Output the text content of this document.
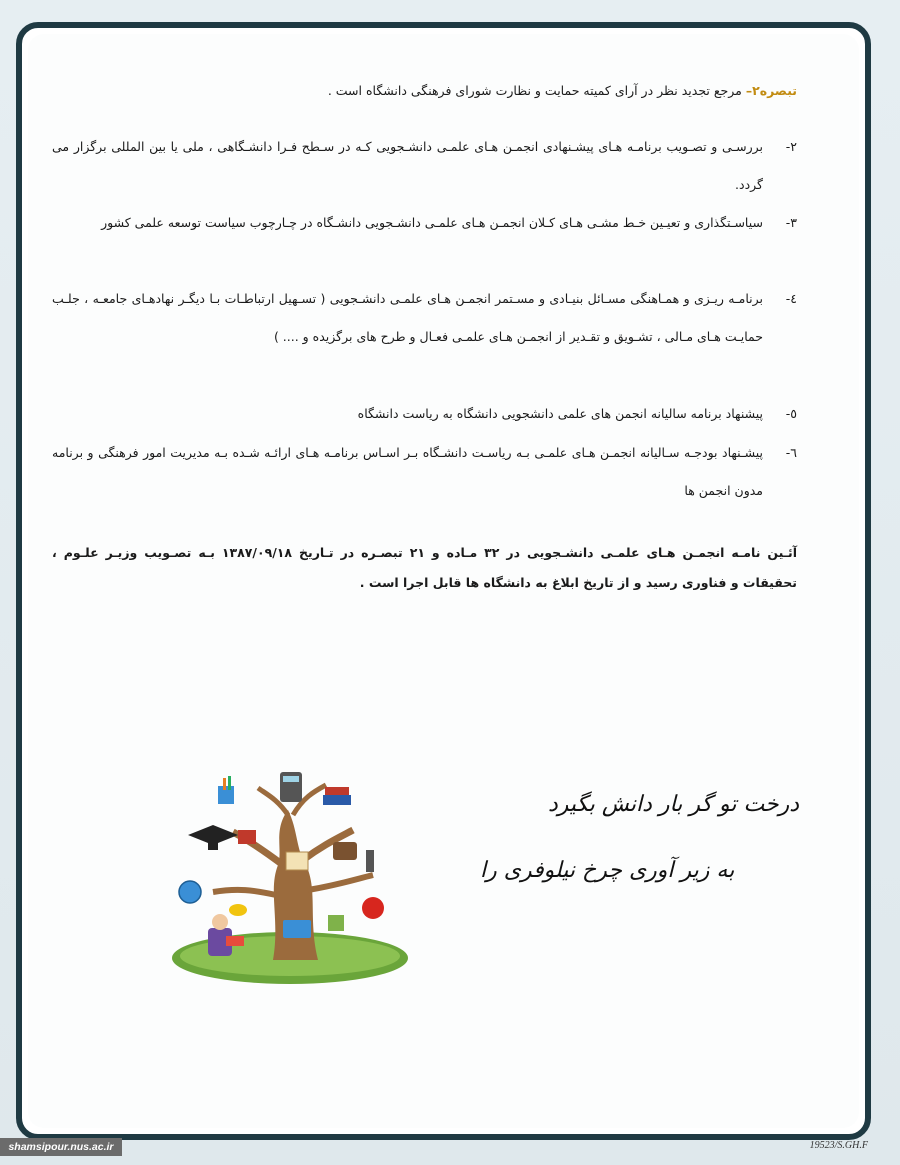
تبصره۲– مرجع تجدید نظر در آرای کمیته حمایت و نظارت شورای فرهنگی دانشگاه است .
۲-
بررسـی و تصـویب برنامـه هـای پیشـنهادی انجمـن هـای علمـی دانشـجویی کـه در سـطح فـرا دانشـگاهی ، ملی یا بین المللی برگزار می گردد.
۳-
سیاسـتگذاری و تعیـین خـط مشـی هـای کـلان انجمـن هـای علمـی دانشـجویی دانشـگاه در چـارچوب سیاست توسعه علمی کشور
٤-
برنامـه ریـزی و همـاهنگی مسـائل بنیـادی و مسـتمر انجمـن هـای علمـی دانشـجویی ( تسـهیل ارتباطـات بـا دیگـر نهادهـای جامعـه ، جلـب حمایـت هـای مـالی ، تشـویق و تقـدیر از انجمـن هـای علمـی فعـال و طرح های برگزیده و .... )
٥-
پیشنهاد برنامه سالیانه انجمن های علمی دانشجویی دانشگاه به ریاست دانشگاه
٦-
پیشـنهاد بودجـه سـالیانه انجمـن هـای علمـی بـه ریاسـت دانشـگاه بـر اسـاس برنامـه هـای ارائـه شـده بـه مدیریت امور فرهنگی و برنامه مدون انجمن ها
آئـین نامـه انجمـن هـای علمـی دانشـجویی در ۳۲ مـاده و ۲۱ تبصـره در تـاریخ ۱۳۸۷/۰۹/۱۸ بـه تصـویب وزیـر علـوم ، تحقیقات و فناوری رسید و از تاریخ ابلاغ به دانشگاه ها قابل اجرا است .
درخت تو گر بار دانش بگیرد
به زیر آوری چرخ نیلوفری را
shamsipour.nus.ac.ir	19523/S.GH.F
